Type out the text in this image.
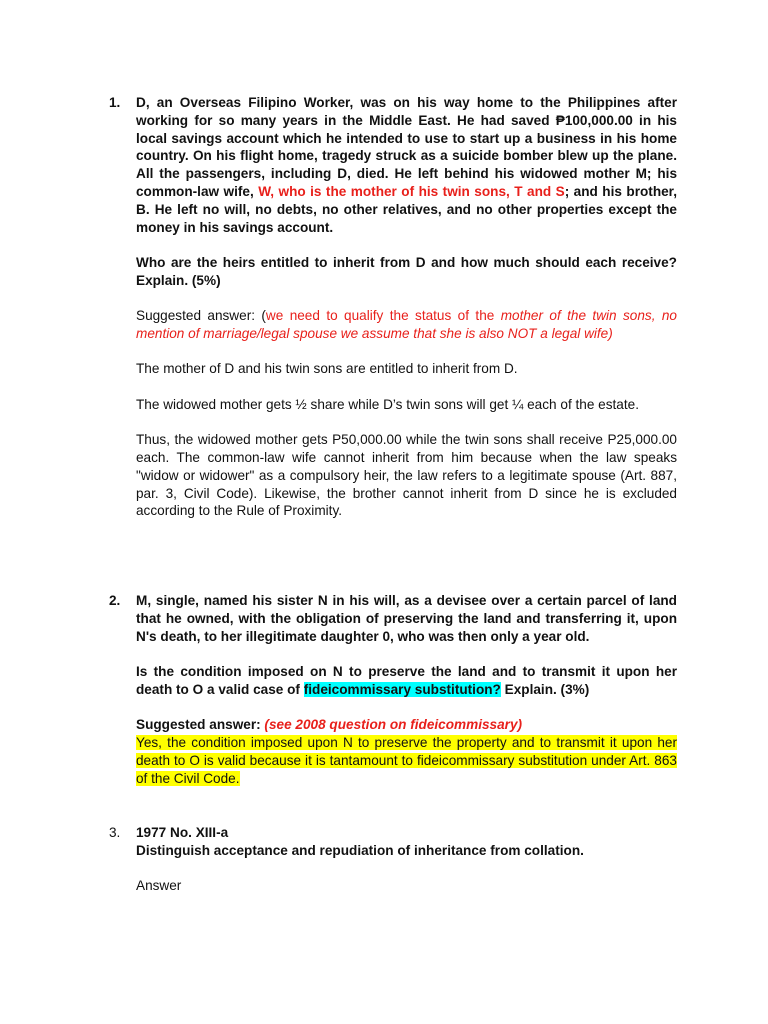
1. D, an Overseas Filipino Worker, was on his way home to the Philippines after working for so many years in the Middle East. He had saved ₱100,000.00 in his local savings account which he intended to use to start up a business in his home country. On his flight home, tragedy struck as a suicide bomber blew up the plane. All the passengers, including D, died. He left behind his widowed mother M; his common-law wife, W, who is the mother of his twin sons, T and S; and his brother, B. He left no will, no debts, no other relatives, and no other properties except the money in his savings account.

Who are the heirs entitled to inherit from D and how much should each receive? Explain. (5%)

Suggested answer: (we need to qualify the status of the mother of the twin sons, no mention of marriage/legal spouse we assume that she is also NOT a legal wife)

The mother of D and his twin sons are entitled to inherit from D.

The widowed mother gets ½ share while D’s twin sons will get ¼ each of the estate.

Thus, the widowed mother gets P50,000.00 while the twin sons shall receive P25,000.00 each. The common-law wife cannot inherit from him because when the law speaks "widow or widower" as a compulsory heir, the law refers to a legitimate spouse (Art. 887, par. 3, Civil Code). Likewise, the brother cannot inherit from D since he is excluded according to the Rule of Proximity.

2. M, single, named his sister N in his will, as a devisee over a certain parcel of land that he owned, with the obligation of preserving the land and transferring it, upon N's death, to her illegitimate daughter 0, who was then only a year old.

Is the condition imposed on N to preserve the land and to transmit it upon her death to O a valid case of fideicommissary substitution? Explain. (3%)

Suggested answer: (see 2008 question on fideicommissary)

Yes, the condition imposed upon N to preserve the property and to transmit it upon her death to O is valid because it is tantamount to fideicommissary substitution under Art. 863 of the Civil Code.

3. 1977 No. XIII-a

Distinguish acceptance and repudiation of inheritance from collation.

Answer
